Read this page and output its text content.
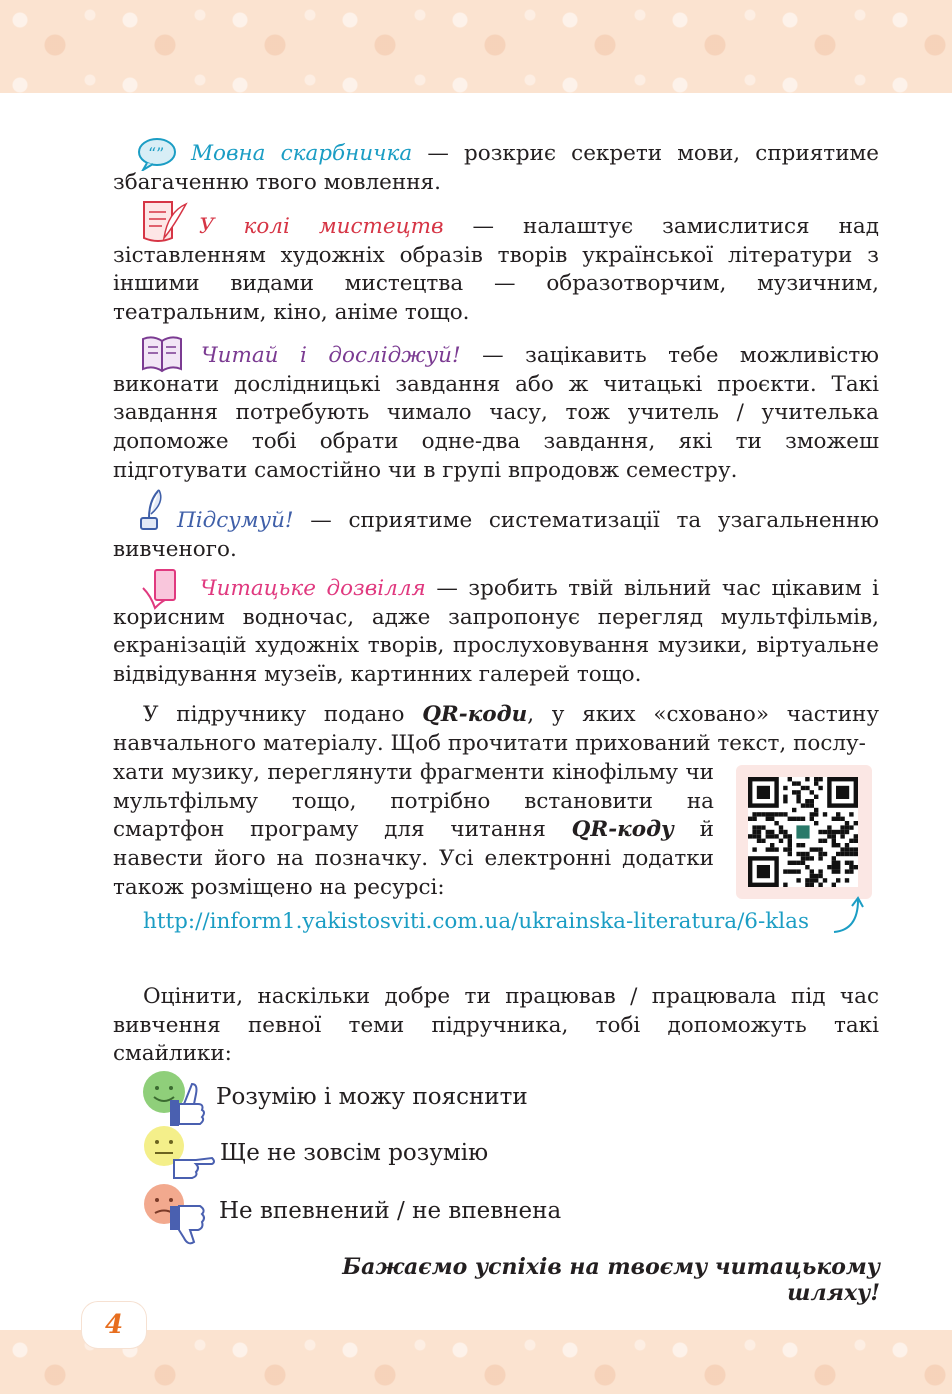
“”	Мовна скарбничка — розкриє секрети мови, сприятиме збагаченню твого мовлення.

У колі мистецтв — налаштує замислитися над зіставленням художніх образів творів української літератури з іншими видами мистецтва — образотворчим, музичним, театральним, кіно, аніме тощо.

Читай і досліджуй! — зацікавить тебе можливістю виконати дослідницькі завдання або ж читацькі проєкти. Такі завдання потребують чимало часу, тож учитель / учителька допоможе тобі обрати одне-два завдання, які ти зможеш підготувати самостійно чи в групі впродовж семестру.

Підсумуй! — сприятиме систематизації та узагальненню вивченого.

Читацьке дозвілля — зробить твій вільний час цікавим і корисним водночас, адже запропонує перегляд мультфільмів, екранізацій художніх творів, прослуховування музики, віртуальне відвідування музеїв, картинних галерей тощо.

У підручнику подано QR-коди, у яких «сховано» частину навчального матеріалу. Щоб прочитати прихований текст, послу-

хати музику, переглянути фрагменти кінофільму чи мультфільму тощо, потрібно встановити на смартфон програму для читання QR-коду й навести його на позначку. Усі електронні додатки також розміщено на ресурсі:

http://inform1.yakistosviti.com.ua/ukrainska-literatura/6-klas

Оцінити, наскільки добре ти працював / працювала під час вивчення певної теми підручника, тобі допоможуть такі смайлики:

Розумію і можу пояснити
Ще не зовсім розумію
Не впевнений / не впевнена
Бажаємо успіхів на твоєму читацькому шляху!
4
